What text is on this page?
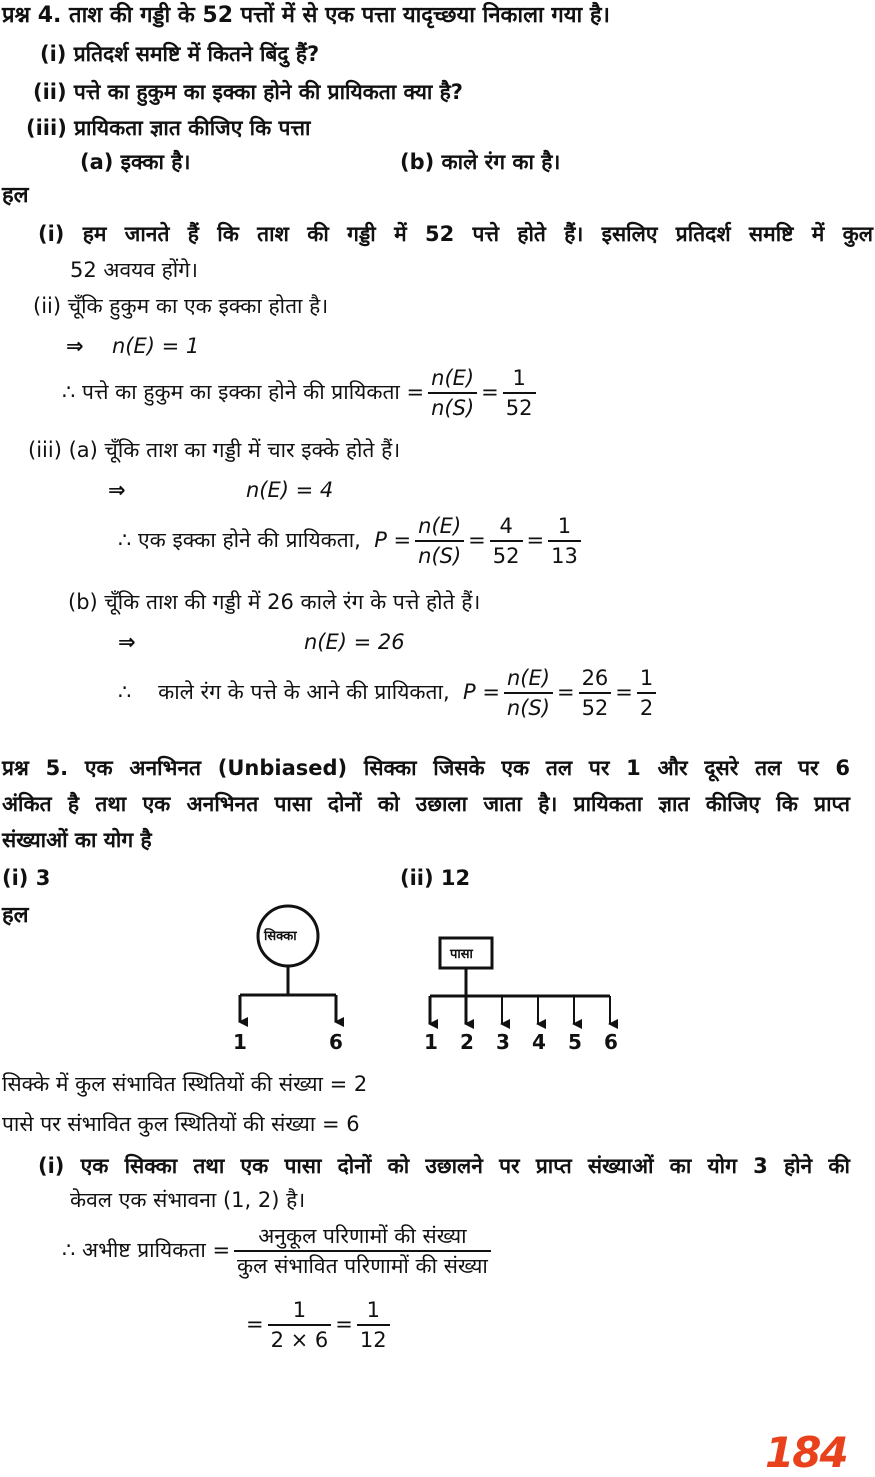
प्रश्न 4. ताश की गड्डी के 52 पत्तों में से एक पत्ता यादृच्छया निकाला गया है।
(i) प्रतिदर्श समष्टि में कितने बिंदु हैं?
(ii) पत्ते का हुकुम का इक्का होने की प्रायिकता क्या है?
(iii) प्रायिकता ज्ञात कीजिए कि पत्ता
(a) इक्का है।	(b) काले रंग का है।
हल
(i) हम जानते हैं कि ताश की गड्डी में 52 पत्ते होते हैं। इसलिए प्रतिदर्श समष्टि में कुल
52 अवयव होंगे।
(ii) चूँकि हुकुम का एक इक्का होता है।
⇒ n(E) = 1
∴ पत्ते का हुकुम का इक्का होने की प्रायिकता = $\frac{n(E)}{n(S)} = \frac{1}{52}$
(iii) (a) चूँकि ताश का गड्डी में चार इक्के होते हैं।
⇒	n(E) = 4
∴ एक इक्का होने की प्रायिकता, $P = \frac{n(E)}{n(S)} = \frac{4}{52} = \frac{1}{13}$
(b) चूँकि ताश की गड्डी में 26 काले रंग के पत्ते होते हैं।
⇒	n(E) = 26
∴ काले रंग के पत्ते के आने की प्रायिकता, $P = \frac{n(E)}{n(S)} = \frac{26}{52} = \frac{1}{2}$
प्रश्न 5. एक अनभिनत (Unbiased) सिक्का जिसके एक तल पर 1 और दूसरे तल पर 6
अंकित है तथा एक अनभिनत पासा दोनों को उछाला जाता है। प्रायिकता ज्ञात कीजिए कि प्राप्त
संख्याओं का योग है
(i) 3	(ii) 12
हल
सिक्का
पासा
1	6	1 2 3 4 5 6
सिक्के में कुल संभावित स्थितियों की संख्या = 2
पासे पर संभावित कुल स्थितियों की संख्या = 6
(i) एक सिक्का तथा एक पासा दोनों को उछालने पर प्राप्त संख्याओं का योग 3 होने की
केवल एक संभावना (1, 2) है।
∴ अभीष्ट प्रायिकता = $\frac{\text{अनुकूल परिणामों की संख्या}}{\text{कुल संभावित परिणामों की संख्या}}$
= $\frac{1}{2 \times 6} = \frac{1}{12}$
184
